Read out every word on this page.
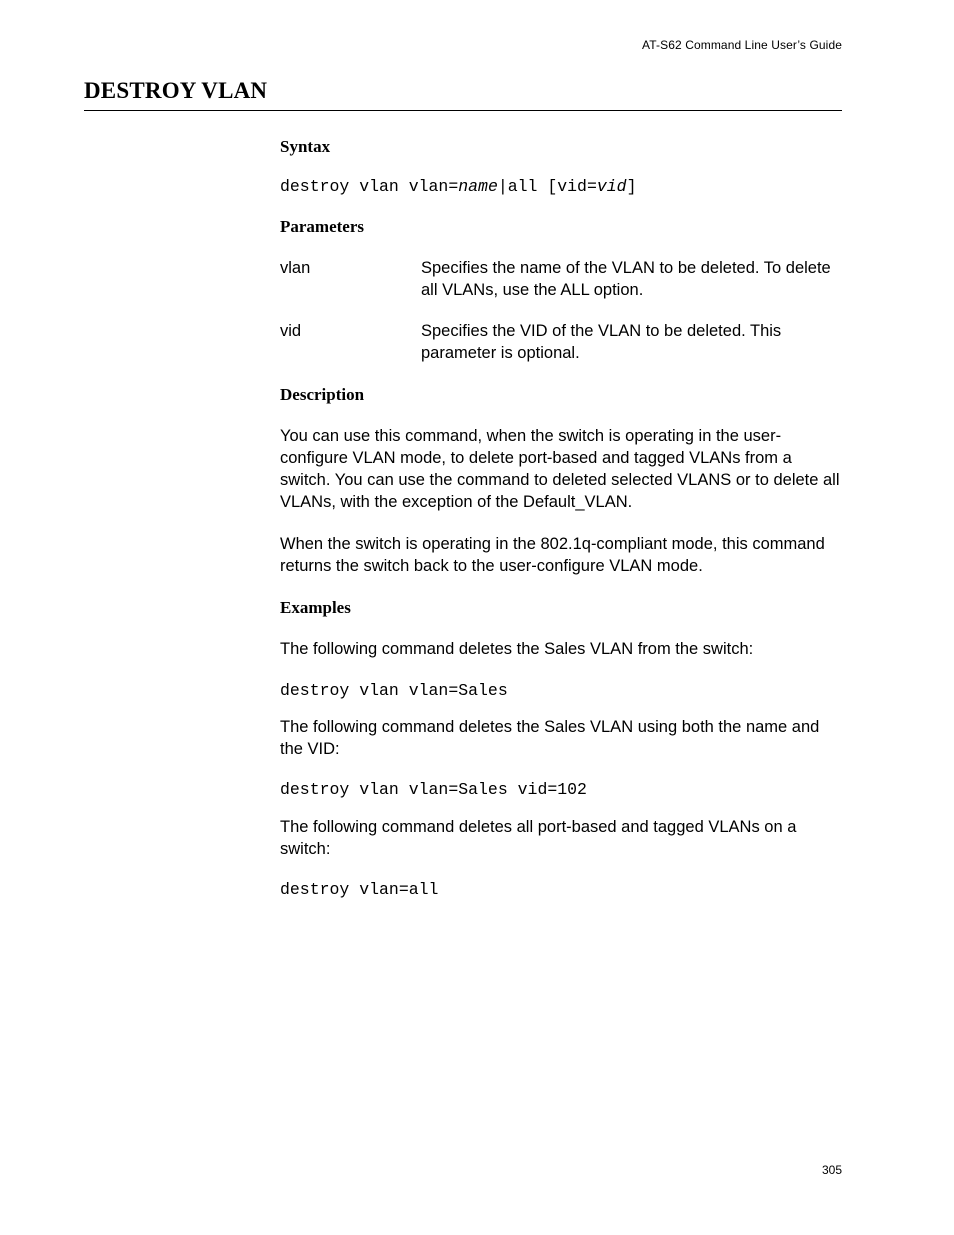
AT-S62 Command Line User’s Guide
DESTROY VLAN
Syntax

destroy vlan vlan=name|all [vid=vid]

Parameters
vlan	Specifies the name of the VLAN to be deleted. To delete all VLANs, use the ALL option.
vid	Specifies the VID of the VLAN to be deleted. This parameter is optional.
Description

You can use this command, when the switch is operating in the user-configure VLAN mode, to delete port-based and tagged VLANs from a switch. You can use the command to deleted selected VLANS or to delete all VLANs, with the exception of the Default_VLAN.

When the switch is operating in the 802.1q-compliant mode, this command returns the switch back to the user-configure VLAN mode.

Examples

The following command deletes the Sales VLAN from the switch:

destroy vlan vlan=Sales

The following command deletes the Sales VLAN using both the name and the VID:

destroy vlan vlan=Sales vid=102

The following command deletes all port-based and tagged VLANs on a switch:

destroy vlan=all

305
